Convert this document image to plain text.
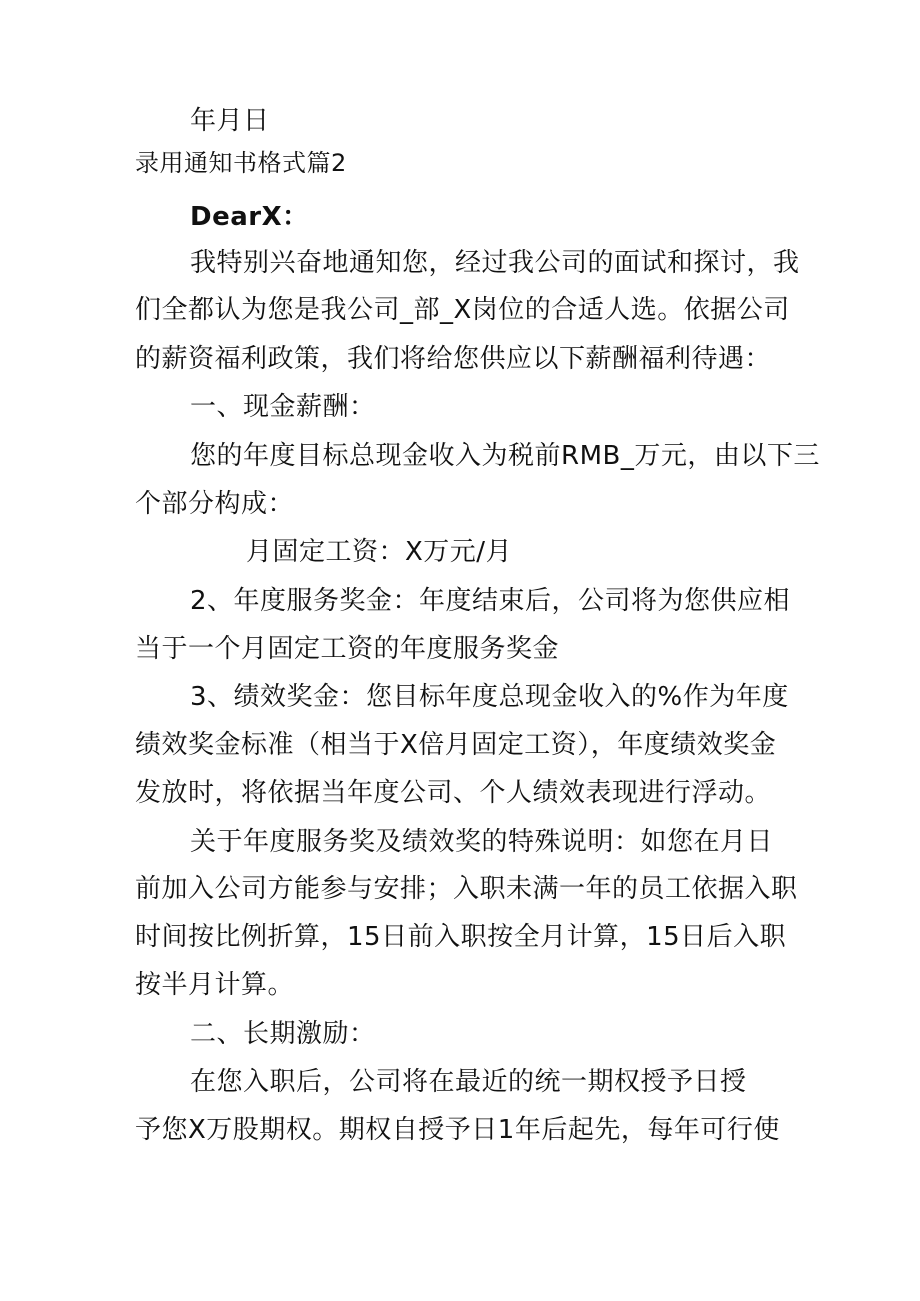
年月日
录用通知书格式篇2
DearX：
我特别兴奋地通知您，经过我公司的面试和探讨，我
们全都认为您是我公司_部_X岗位的合适人选。依据公司
的薪资福利政策，我们将给您供应以下薪酬福利待遇：
一、现金薪酬：
您的年度目标总现金收入为税前RMB_万元，由以下三
个部分构成：
月固定工资：X万元/月
2、年度服务奖金：年度结束后，公司将为您供应相
当于一个月固定工资的年度服务奖金
3、绩效奖金：您目标年度总现金收入的%作为年度
绩效奖金标准（相当于X倍月固定工资），年度绩效奖金
发放时，将依据当年度公司、个人绩效表现进行浮动。
关于年度服务奖及绩效奖的特殊说明：如您在月日
前加入公司方能参与安排；入职未满一年的员工依据入职
时间按比例折算，15日前入职按全月计算，15日后入职
按半月计算。
二、长期激励：
在您入职后，公司将在最近的统一期权授予日授
予您X万股期权。期权自授予日1年后起先，每年可行使
